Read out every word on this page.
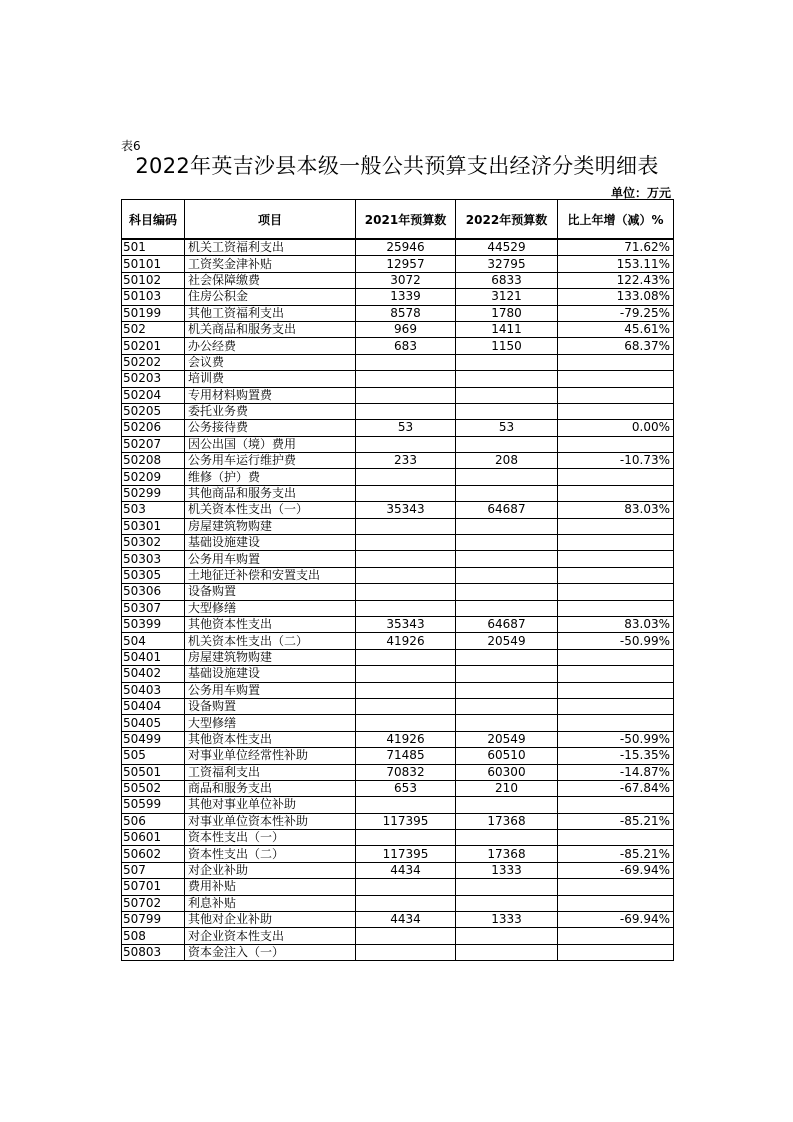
表6
2022年英吉沙县本级一般公共预算支出经济分类明细表
单位：万元
科目编码	项目	2021年预算数	2022年预算数	比上年增（减）%
501	机关工资福利支出	25946	44529	71.62%
50101	工资奖金津补贴	12957	32795	153.11%
50102	社会保障缴费	3072	6833	122.43%
50103	住房公积金	1339	3121	133.08%
50199	其他工资福利支出	8578	1780	-79.25%
502	机关商品和服务支出	969	1411	45.61%
50201	办公经费	683	1150	68.37%
50202	会议费			
50203	培训费			
50204	专用材料购置费			
50205	委托业务费			
50206	公务接待费	53	53	0.00%
50207	因公出国（境）费用			
50208	公务用车运行维护费	233	208	-10.73%
50209	维修（护）费			
50299	其他商品和服务支出			
503	机关资本性支出（一）	35343	64687	83.03%
50301	房屋建筑物购建			
50302	基础设施建设			
50303	公务用车购置			
50305	土地征迁补偿和安置支出			
50306	设备购置			
50307	大型修缮			
50399	其他资本性支出	35343	64687	83.03%
504	机关资本性支出（二）	41926	20549	-50.99%
50401	房屋建筑物购建			
50402	基础设施建设			
50403	公务用车购置			
50404	设备购置			
50405	大型修缮			
50499	其他资本性支出	41926	20549	-50.99%
505	对事业单位经常性补助	71485	60510	-15.35%
50501	工资福利支出	70832	60300	-14.87%
50502	商品和服务支出	653	210	-67.84%
50599	其他对事业单位补助			
506	对事业单位资本性补助	117395	17368	-85.21%
50601	资本性支出（一）			
50602	资本性支出（二）	117395	17368	-85.21%
507	对企业补助	4434	1333	-69.94%
50701	费用补贴			
50702	利息补贴			
50799	其他对企业补助	4434	1333	-69.94%
508	对企业资本性支出			
50803	资本金注入（一）			
